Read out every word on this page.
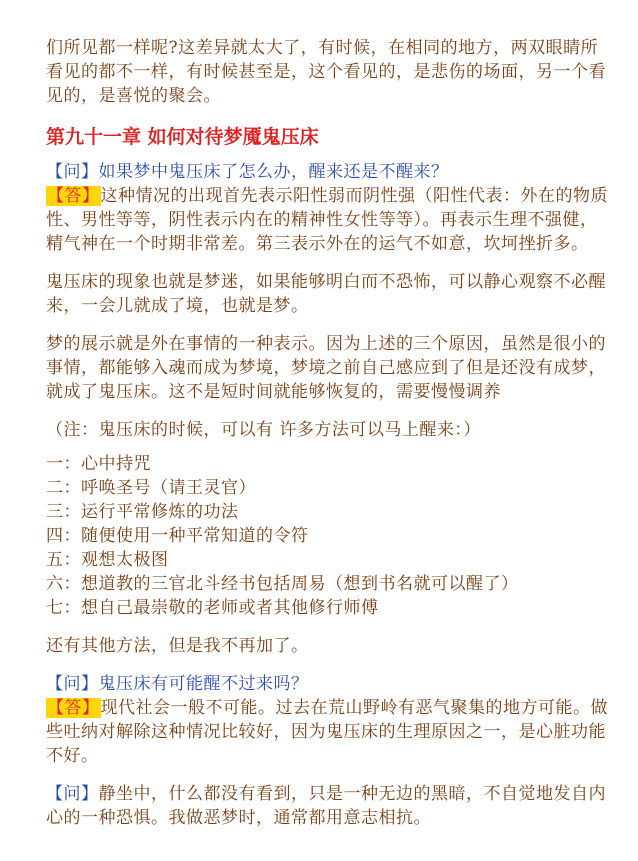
们所见都一样呢?这差异就太大了，有时候，在相同的地方，两双眼睛所看见的都不一样，有时候甚至是，这个看见的，是悲伤的场面，另一个看见的，是喜悦的聚会。

第九十一章 如何对待梦魇鬼压床
【问】如果梦中鬼压床了怎么办，醒来还是不醒来？
【答】这种情况的出现首先表示阳性弱而阴性强（阳性代表：外在的物质性、男性等等，阴性表示内在的精神性女性等等）。再表示生理不强健，精气神在一个时期非常差。第三表示外在的运气不如意，坎坷挫折多。

鬼压床的现象也就是梦迷，如果能够明白而不恐怖，可以静心观察不必醒来，一会儿就成了境，也就是梦。

梦的展示就是外在事情的一种表示。因为上述的三个原因，虽然是很小的事情，都能够入魂而成为梦境，梦境之前自己感应到了但是还没有成梦，就成了鬼压床。这不是短时间就能够恢复的，需要慢慢调养

（注：鬼压床的时候，可以有 许多方法可以马上醒来：）

一：心中持咒
二：呼唤圣号（请王灵官）
三：运行平常修炼的功法
四：随便使用一种平常知道的令符
五：观想太极图
六：想道教的三官北斗经书包括周易（想到书名就可以醒了）
七：想自己最崇敬的老师或者其他修行师傅

还有其他方法，但是我不再加了。

【问】鬼压床有可能醒不过来吗？
【答】现代社会一般不可能。过去在荒山野岭有恶气聚集的地方可能。做些吐纳对解除这种情况比较好，因为鬼压床的生理原因之一，是心脏功能不好。
【问】静坐中，什么都没有看到，只是一种无边的黑暗，不自觉地发自内心的一种恐惧。我做恶梦时，通常都用意志相抗。
